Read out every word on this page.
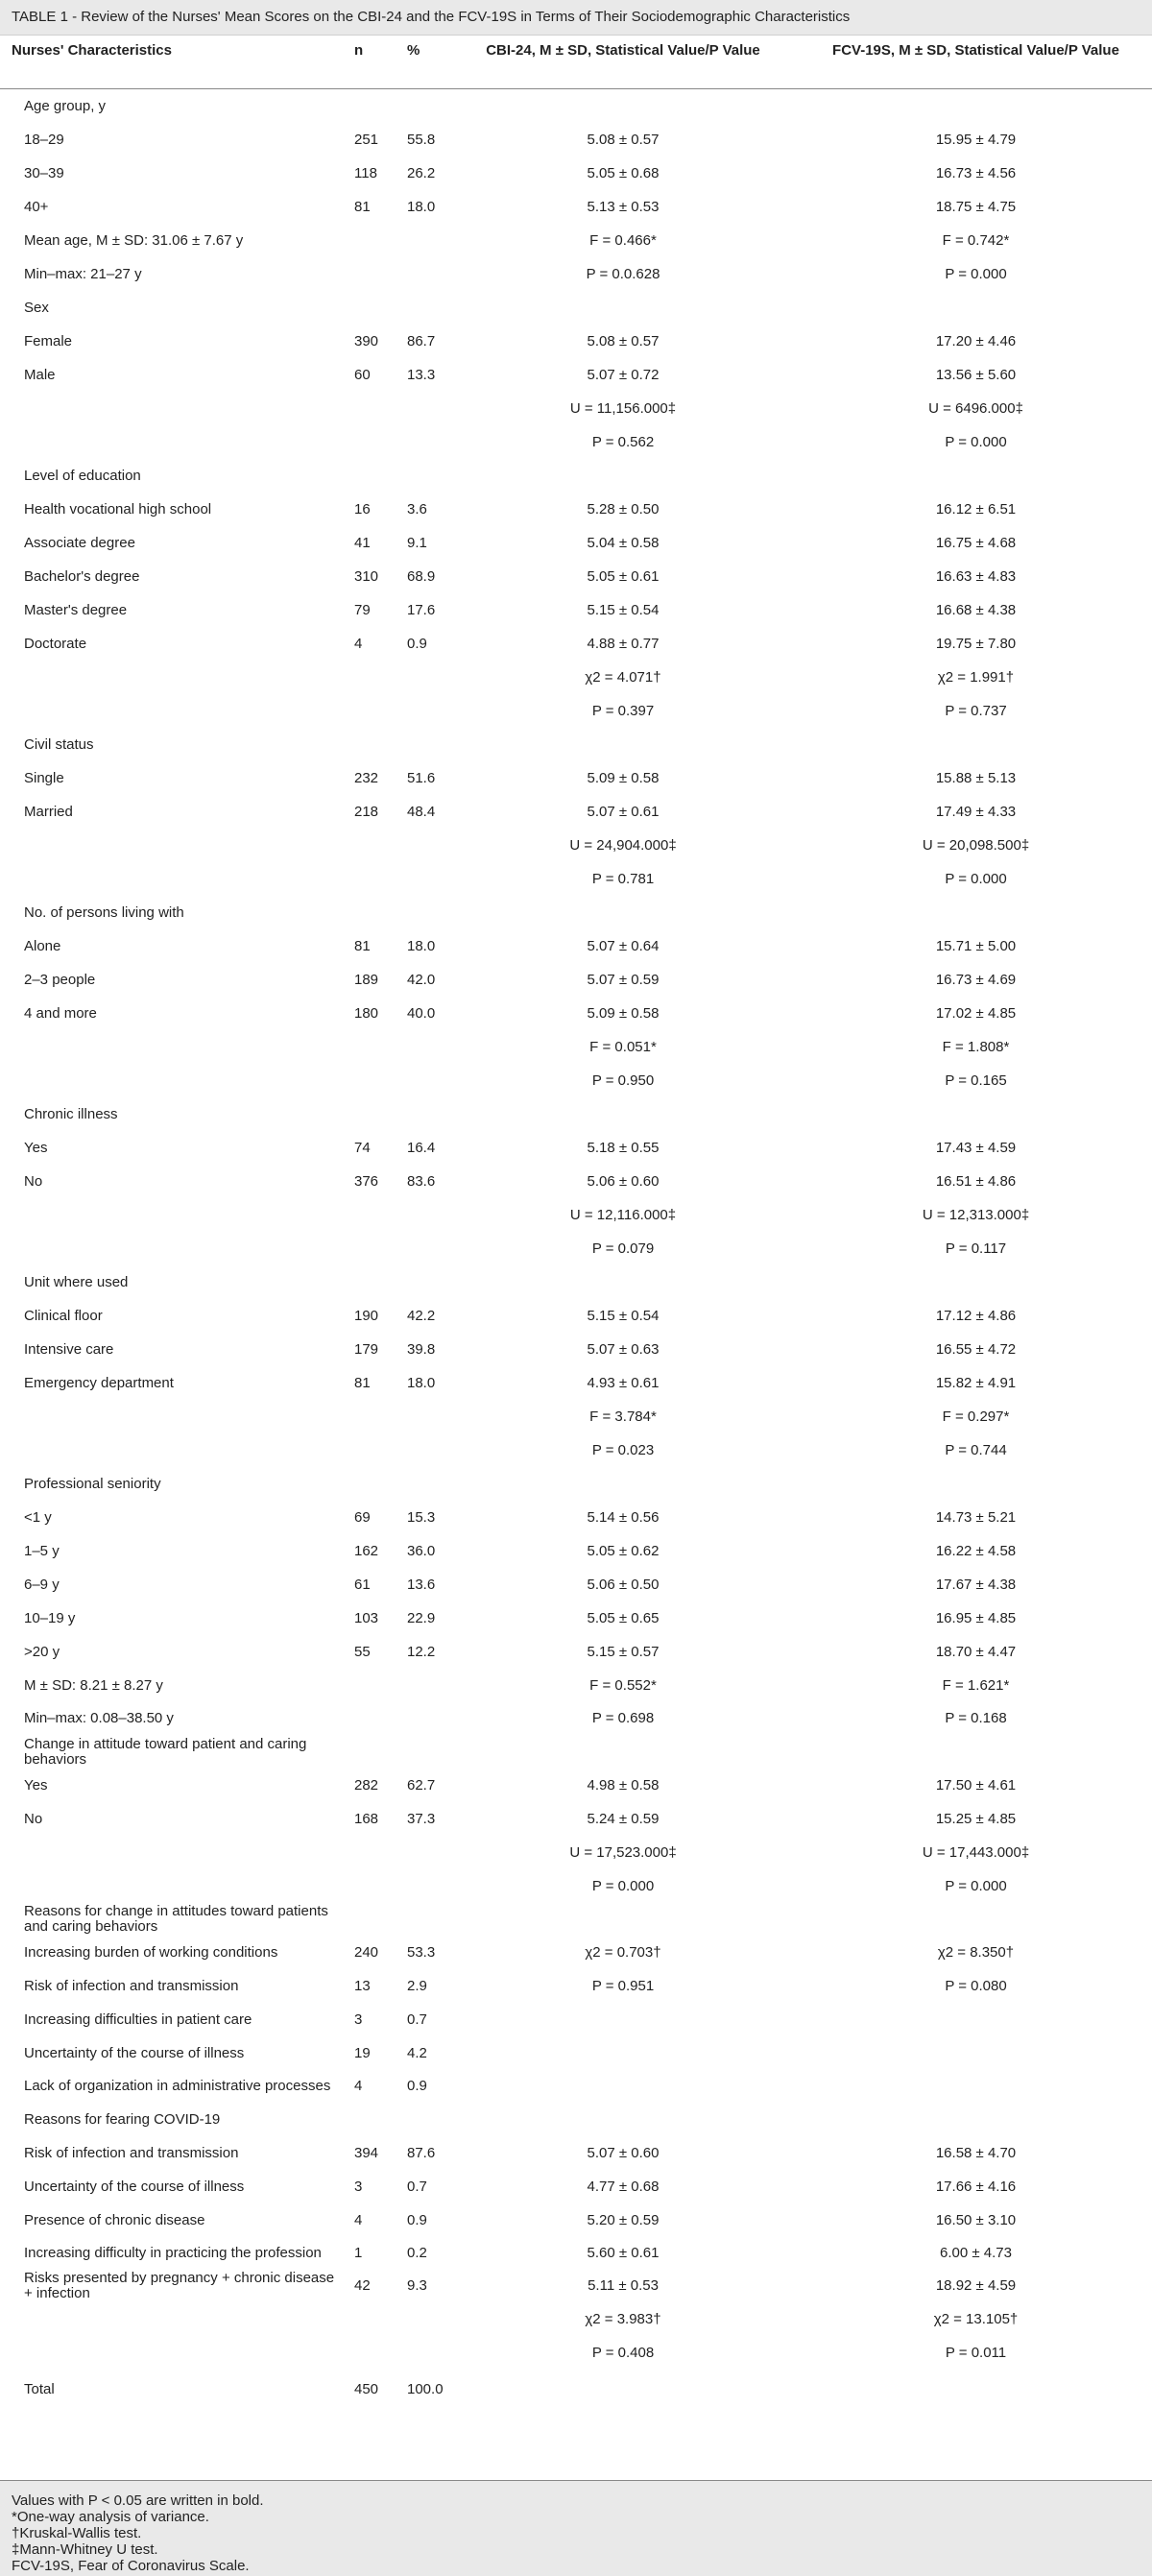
TABLE 1 - Review of the Nurses' Mean Scores on the CBI-24 and the FCV-19S in Terms of Their Sociodemographic Characteristics
Nurses' Characteristics	n	%	CBI-24, M ± SD, Statistical Value/P Value	FCV-19S, M ± SD, Statistical Value/P Value
Age group, y				
18–29	251	55.8	5.08 ± 0.57	15.95 ± 4.79
30–39	118	26.2	5.05 ± 0.68	16.73 ± 4.56
40+	81	18.0	5.13 ± 0.53	18.75 ± 4.75
Mean age, M ± SD: 31.06 ± 7.67 y			F = 0.466*	F = 0.742*
Min–max: 21–27 y			P = 0.0.628	P = 0.000
Sex				
Female	390	86.7	5.08 ± 0.57	17.20 ± 4.46
Male	60	13.3	5.07 ± 0.72	13.56 ± 5.60
			U = 11,156.000‡	U = 6496.000‡
			P = 0.562	P = 0.000
Level of education				
Health vocational high school	16	3.6	5.28 ± 0.50	16.12 ± 6.51
Associate degree	41	9.1	5.04 ± 0.58	16.75 ± 4.68
Bachelor's degree	310	68.9	5.05 ± 0.61	16.63 ± 4.83
Master's degree	79	17.6	5.15 ± 0.54	16.68 ± 4.38
Doctorate	4	0.9	4.88 ± 0.77	19.75 ± 7.80
			χ2 = 4.071†	χ2 = 1.991†
			P = 0.397	P = 0.737
Civil status				
Single	232	51.6	5.09 ± 0.58	15.88 ± 5.13
Married	218	48.4	5.07 ± 0.61	17.49 ± 4.33
			U = 24,904.000‡	U = 20,098.500‡
			P = 0.781	P = 0.000
No. of persons living with				
Alone	81	18.0	5.07 ± 0.64	15.71 ± 5.00
2–3 people	189	42.0	5.07 ± 0.59	16.73 ± 4.69
4 and more	180	40.0	5.09 ± 0.58	17.02 ± 4.85
			F = 0.051*	F = 1.808*
			P = 0.950	P = 0.165
Chronic illness				
Yes	74	16.4	5.18 ± 0.55	17.43 ± 4.59
No	376	83.6	5.06 ± 0.60	16.51 ± 4.86
			U = 12,116.000‡	U = 12,313.000‡
			P = 0.079	P = 0.117
Unit where used				
Clinical floor	190	42.2	5.15 ± 0.54	17.12 ± 4.86
Intensive care	179	39.8	5.07 ± 0.63	16.55 ± 4.72
Emergency department	81	18.0	4.93 ± 0.61	15.82 ± 4.91
			F = 3.784*	F = 0.297*
			P = 0.023	P = 0.744
Professional seniority				
<1 y	69	15.3	5.14 ± 0.56	14.73 ± 5.21
1–5 y	162	36.0	5.05 ± 0.62	16.22 ± 4.58
6–9 y	61	13.6	5.06 ± 0.50	17.67 ± 4.38
10–19 y	103	22.9	5.05 ± 0.65	16.95 ± 4.85
>20 y	55	12.2	5.15 ± 0.57	18.70 ± 4.47
M ± SD: 8.21 ± 8.27 y			F = 0.552*	F = 1.621*
Min–max: 0.08–38.50 y			P = 0.698	P = 0.168
Change in attitude toward patient and caring behaviors				
Yes	282	62.7	4.98 ± 0.58	17.50 ± 4.61
No	168	37.3	5.24 ± 0.59	15.25 ± 4.85
			U = 17,523.000‡	U = 17,443.000‡
			P = 0.000	P = 0.000
Reasons for change in attitudes toward patients and caring behaviors				
Increasing burden of working conditions	240	53.3	χ2 = 0.703†	χ2 = 8.350†
Risk of infection and transmission	13	2.9	P = 0.951	P = 0.080
Increasing difficulties in patient care	3	0.7		
Uncertainty of the course of illness	19	4.2		
Lack of organization in administrative processes	4	0.9		
Reasons for fearing COVID-19				
Risk of infection and transmission	394	87.6	5.07 ± 0.60	16.58 ± 4.70
Uncertainty of the course of illness	3	0.7	4.77 ± 0.68	17.66 ± 4.16
Presence of chronic disease	4	0.9	5.20 ± 0.59	16.50 ± 3.10
Increasing difficulty in practicing the profession	1	0.2	5.60 ± 0.61	6.00 ± 4.73
Risks presented by pregnancy + chronic disease + infection	42	9.3	5.11 ± 0.53	18.92 ± 4.59
			χ2 = 3.983†	χ2 = 13.105†
			P = 0.408	P = 0.011
Total	450	100.0		
Values with P < 0.05 are written in bold.
*One-way analysis of variance.
†Kruskal-Wallis test.
‡Mann-Whitney U test.
FCV-19S, Fear of Coronavirus Scale.
